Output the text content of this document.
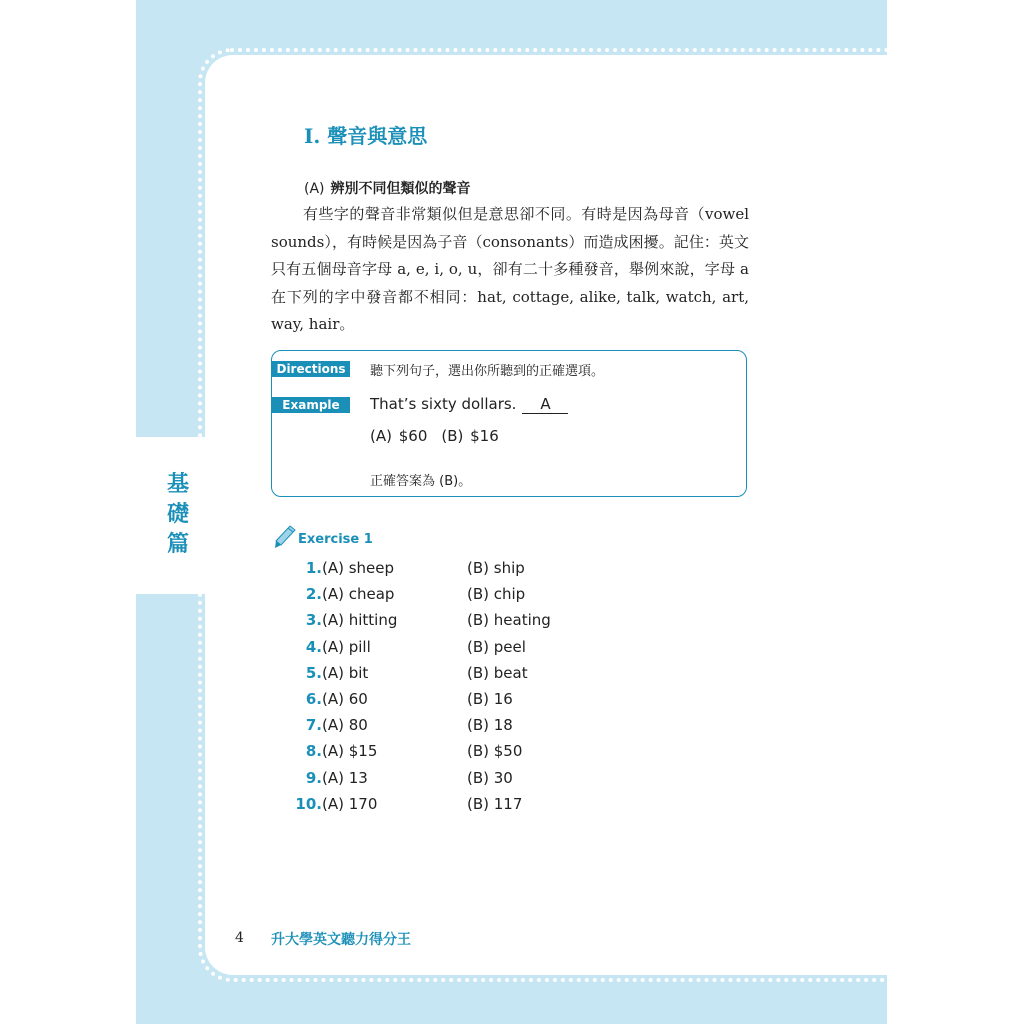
基
礎
篇
I. 聲音與意思
(A) 辨別不同但類似的聲音
有些字的聲音非常類似但是意思卻不同。有時是因為母音（vowel sounds），有時候是因為子音（consonants）而造成困擾。記住：英文只有五個母音字母 a, e, i, o, u，卻有二十多種發音，舉例來說，字母 a 在下列的字中發音都不相同：hat, cottage, alike, talk, watch, art, way, hair。
Directions	聽下列句子，選出你所聽到的正確選項。
Example	That’s sixty dollars. A
(A) $60 (B) $16
正確答案為 (B)。
Exercise 1
1. (A) sheep	(B) ship
2. (A) cheap	(B) chip
3. (A) hitting	(B) heating
4. (A) pill	(B) peel
5. (A) bit	(B) beat
6. (A) 60	(B) 16
7. (A) 80	(B) 18
8. (A) $15	(B) $50
9. (A) 13	(B) 30
10. (A) 170	(B) 117
4 升大學英文聽力得分王
